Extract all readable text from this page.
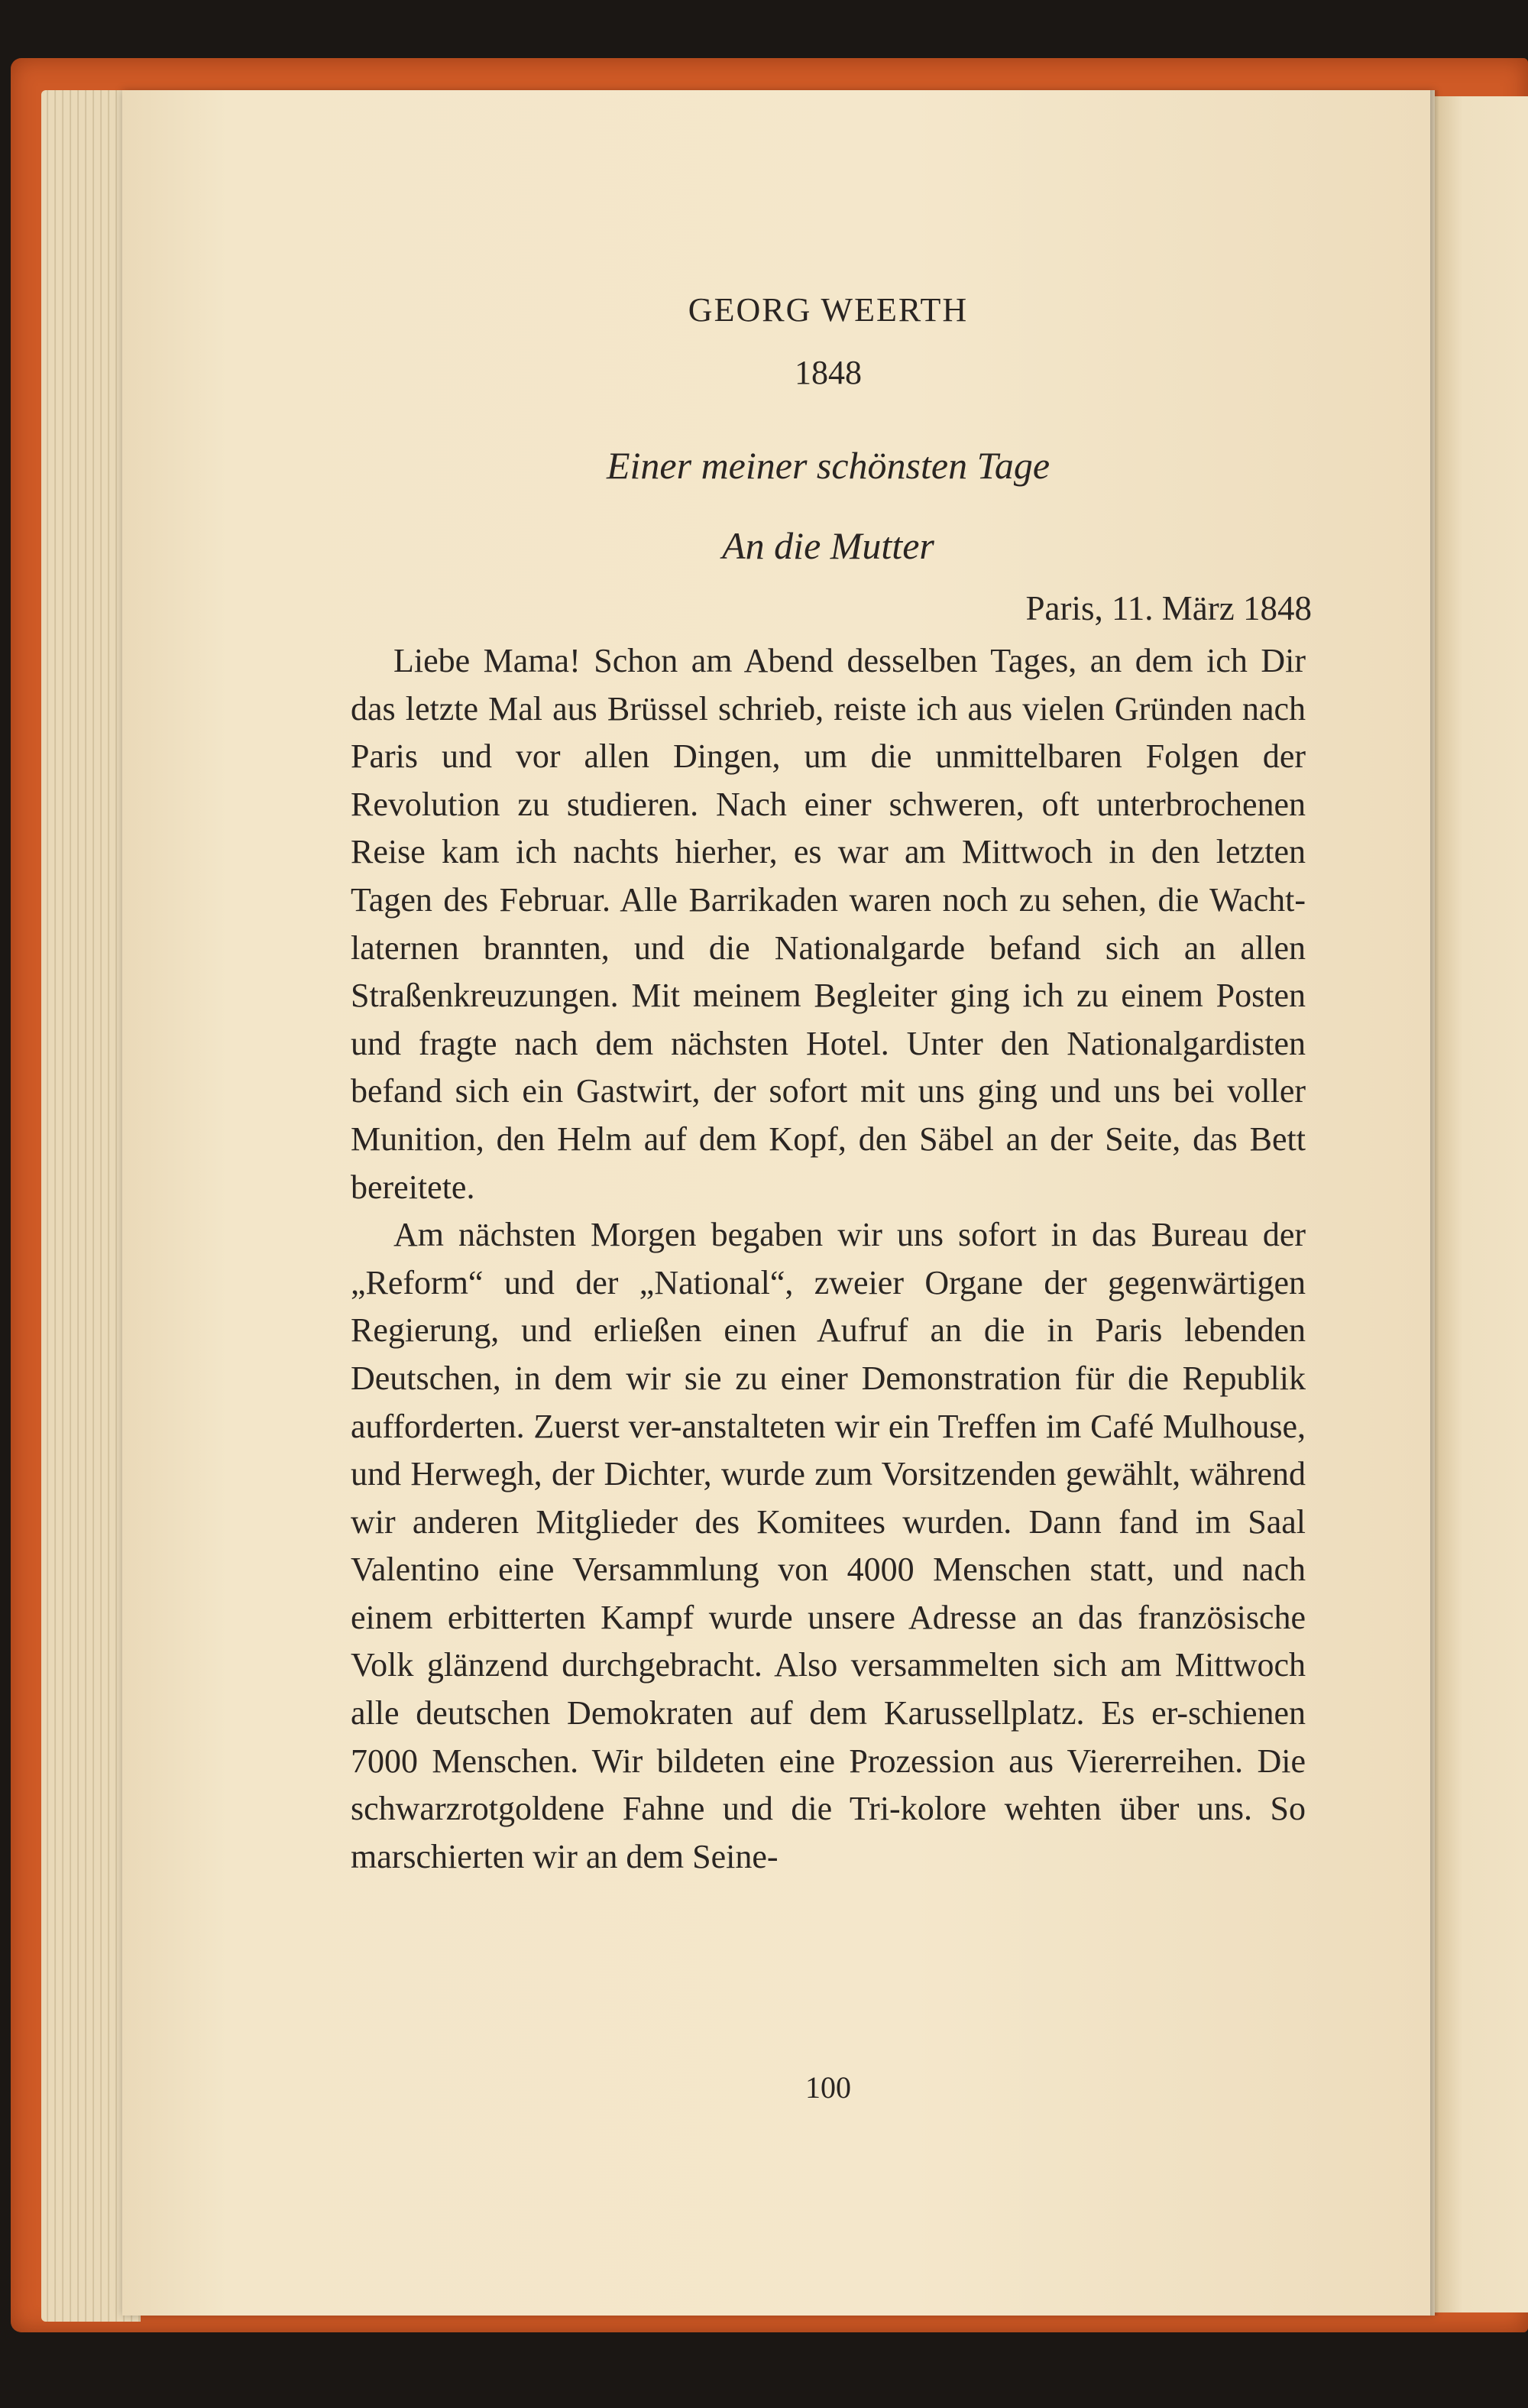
GEORG WEERTH
1848
Einer meiner schönsten Tage
An die Mutter
Paris, 11. März 1848

Liebe Mama! Schon am Abend desselben Tages, an dem ich Dir das letzte Mal aus Brüssel schrieb, reiste ich aus vielen Gründen nach Paris und vor allen Dingen, um die unmittelbaren Folgen der Revolution zu studieren. Nach einer schweren, oft unterbrochenen Reise kam ich nachts hierher, es war am Mittwoch in den letzten Tagen des Februar. Alle Barrikaden waren noch zu sehen, die Wacht-laternen brannten, und die Nationalgarde befand sich an allen Straßenkreuzungen. Mit meinem Begleiter ging ich zu einem Posten und fragte nach dem nächsten Hotel. Unter den Nationalgardisten befand sich ein Gastwirt, der sofort mit uns ging und uns bei voller Munition, den Helm auf dem Kopf, den Säbel an der Seite, das Bett bereitete.

Am nächsten Morgen begaben wir uns sofort in das Bureau der „Reform“ und der „National“, zweier Organe der gegenwärtigen Regierung, und erließen einen Aufruf an die in Paris lebenden Deutschen, in dem wir sie zu einer Demonstration für die Republik aufforderten. Zuerst ver-anstalteten wir ein Treffen im Café Mulhouse, und Herwegh, der Dichter, wurde zum Vorsitzenden gewählt, während wir anderen Mitglieder des Komitees wurden. Dann fand im Saal Valentino eine Versammlung von 4000 Menschen statt, und nach einem erbitterten Kampf wurde unsere Adresse an das französische Volk glänzend durchgebracht. Also versammelten sich am Mittwoch alle deutschen Demokraten auf dem Karussellplatz. Es er-schienen 7000 Menschen. Wir bildeten eine Prozession aus Viererreihen. Die schwarzrotgoldene Fahne und die Tri-kolore wehten über uns. So marschierten wir an dem Seine-

100
